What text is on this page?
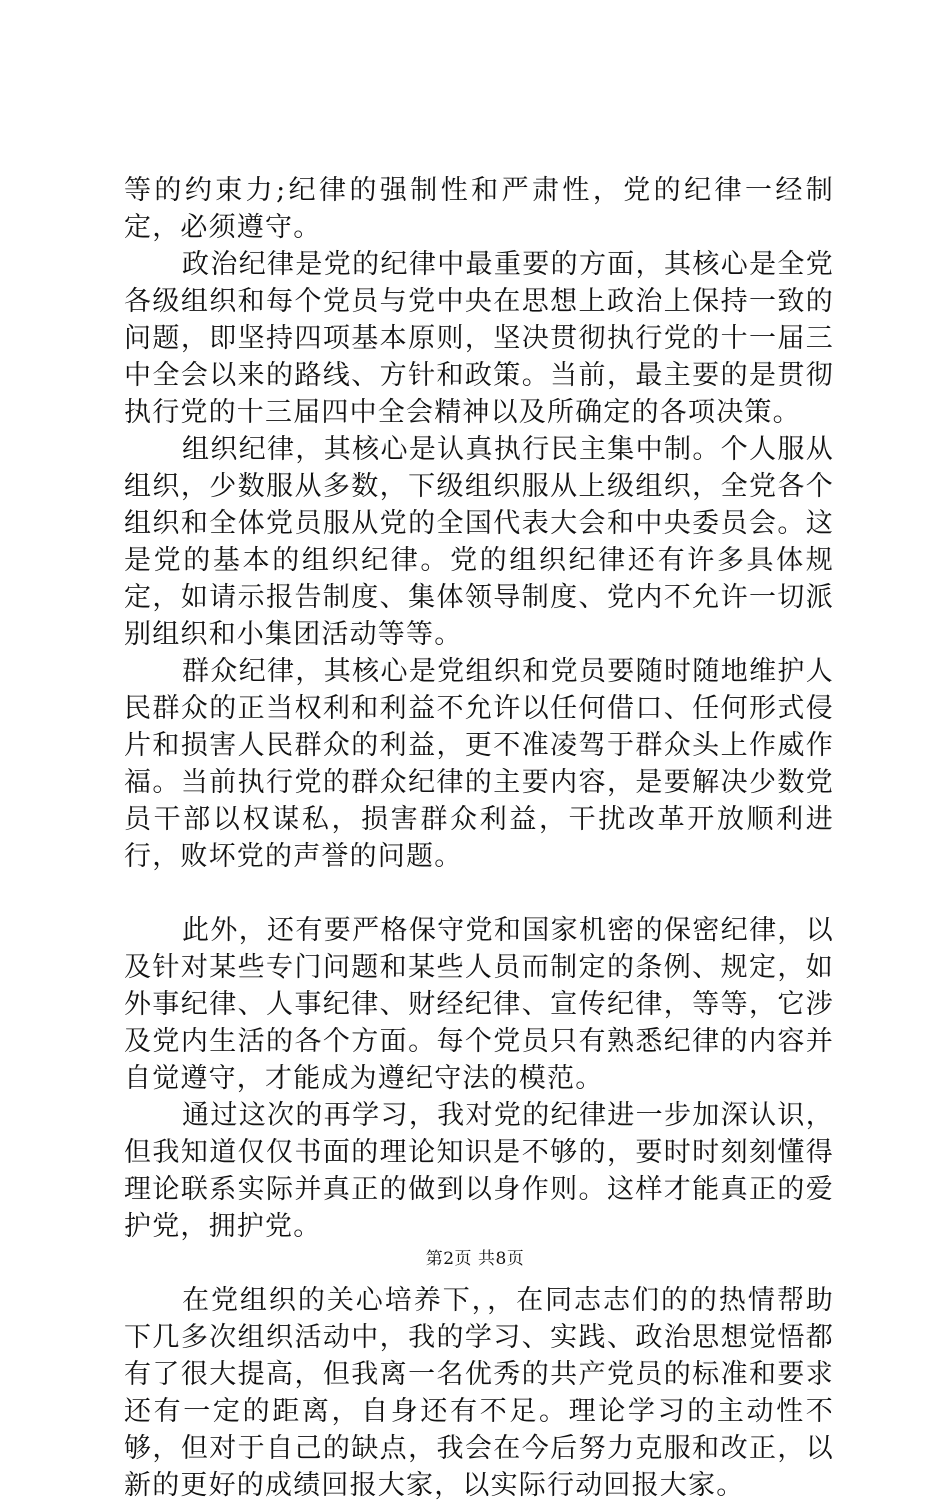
等的约束力;纪律的强制性和严肃性，党的纪律一经制定，必须遵守。

政治纪律是党的纪律中最重要的方面，其核心是全党各级组织和每个党员与党中央在思想上政治上保持一致的问题，即坚持四项基本原则，坚决贯彻执行党的十一届三中全会以来的路线、方针和政策。当前，最主要的是贯彻执行党的十三届四中全会精神以及所确定的各项决策。

组织纪律，其核心是认真执行民主集中制。个人服从组织，少数服从多数，下级组织服从上级组织，全党各个组织和全体党员服从党的全国代表大会和中央委员会。这是党的基本的组织纪律。党的组织纪律还有许多具体规定，如请示报告制度、集体领导制度、党内不允许一切派别组织和小集团活动等等。

群众纪律，其核心是党组织和党员要随时随地维护人民群众的正当权利和利益不允许以任何借口、任何形式侵片和损害人民群众的利益，更不准凌驾于群众头上作威作福。当前执行党的群众纪律的主要内容，是要解决少数党员干部以权谋私，损害群众利益，干扰改革开放顺利进行，败坏党的声誉的问题。

此外，还有要严格保守党和国家机密的保密纪律，以及针对某些专门问题和某些人员而制定的条例、规定，如外事纪律、人事纪律、财经纪律、宣传纪律，等等，它涉及党内生活的各个方面。每个党员只有熟悉纪律的内容并自觉遵守，才能成为遵纪守法的模范。

通过这次的再学习，我对党的纪律进一步加深认识，但我知道仅仅书面的理论知识是不够的，要时时刻刻懂得理论联系实际并真正的做到以身作则。这样才能真正的爱护党，拥护党。

在党组织的关心培养下，，在同志志们的的热情帮助下几多次组织活动中，我的学习、实践、政治思想觉悟都有了很大提高，但我离一名优秀的共产党员的标准和要求还有一定的距离，自身还有不足。理论学习的主动性不够，但对于自己的缺点，我会在今后努力克服和改正，以新的更好的成绩回报大家，以实际行动回报大家。

第2页 共8页
